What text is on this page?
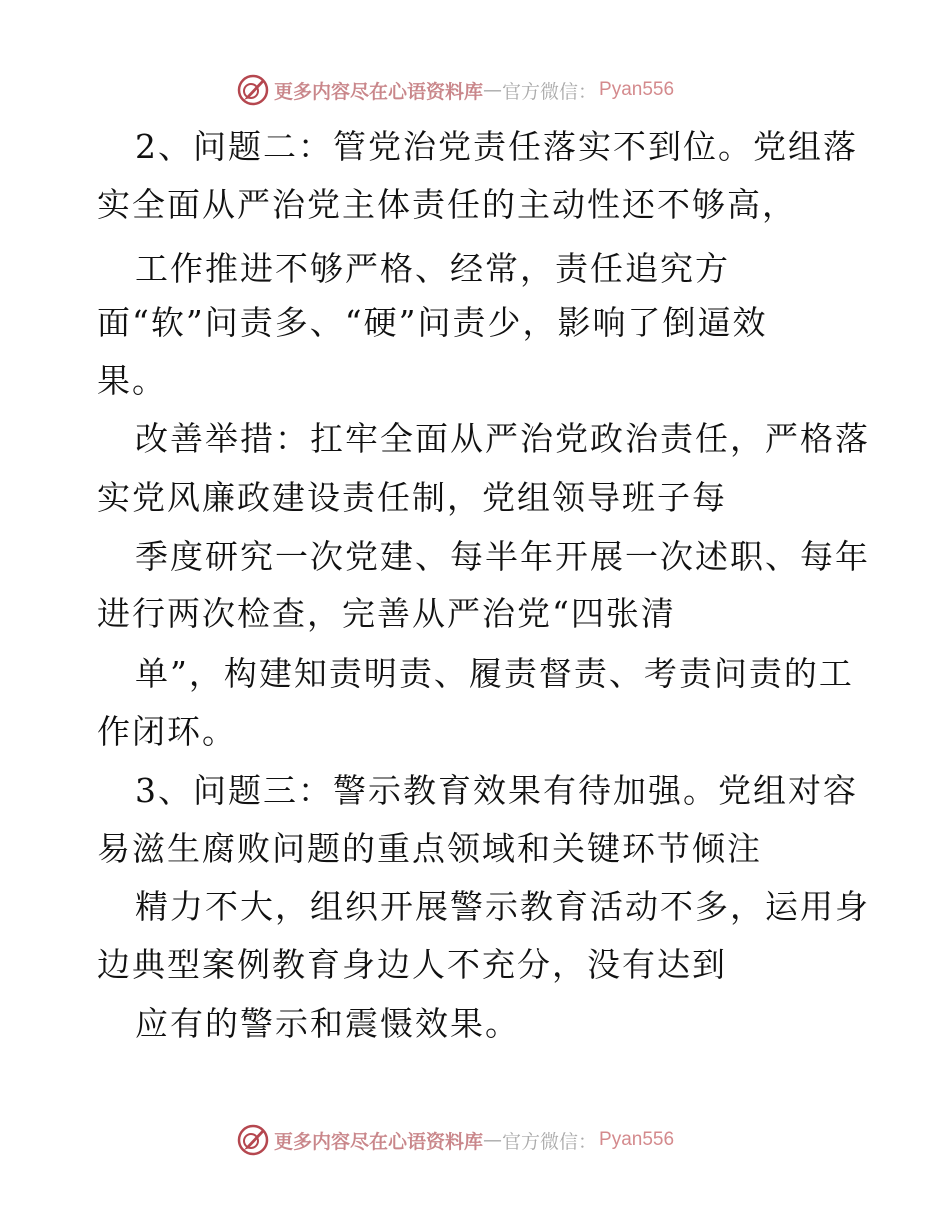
更多内容尽在心语资料库 — 官方微信： Pyan556
2、问题二：管党治党责任落实不到位。党组落
实全面从严治党主体责任的主动性还不够高，
工作推进不够严格、经常，责任追究方
面“软”问责多、“硬”问责少，影响了倒逼效
果。
改善举措：扛牢全面从严治党政治责任，严格落
实党风廉政建设责任制，党组领导班子每
季度研究一次党建、每半年开展一次述职、每年
进行两次检查，完善从严治党“四张清
单”，构建知责明责、履责督责、考责问责的工
作闭环。
3、问题三：警示教育效果有待加强。党组对容
易滋生腐败问题的重点领域和关键环节倾注
精力不大，组织开展警示教育活动不多，运用身
边典型案例教育身边人不充分，没有达到
应有的警示和震慑效果。
更多内容尽在心语资料库 — 官方微信： Pyan556
